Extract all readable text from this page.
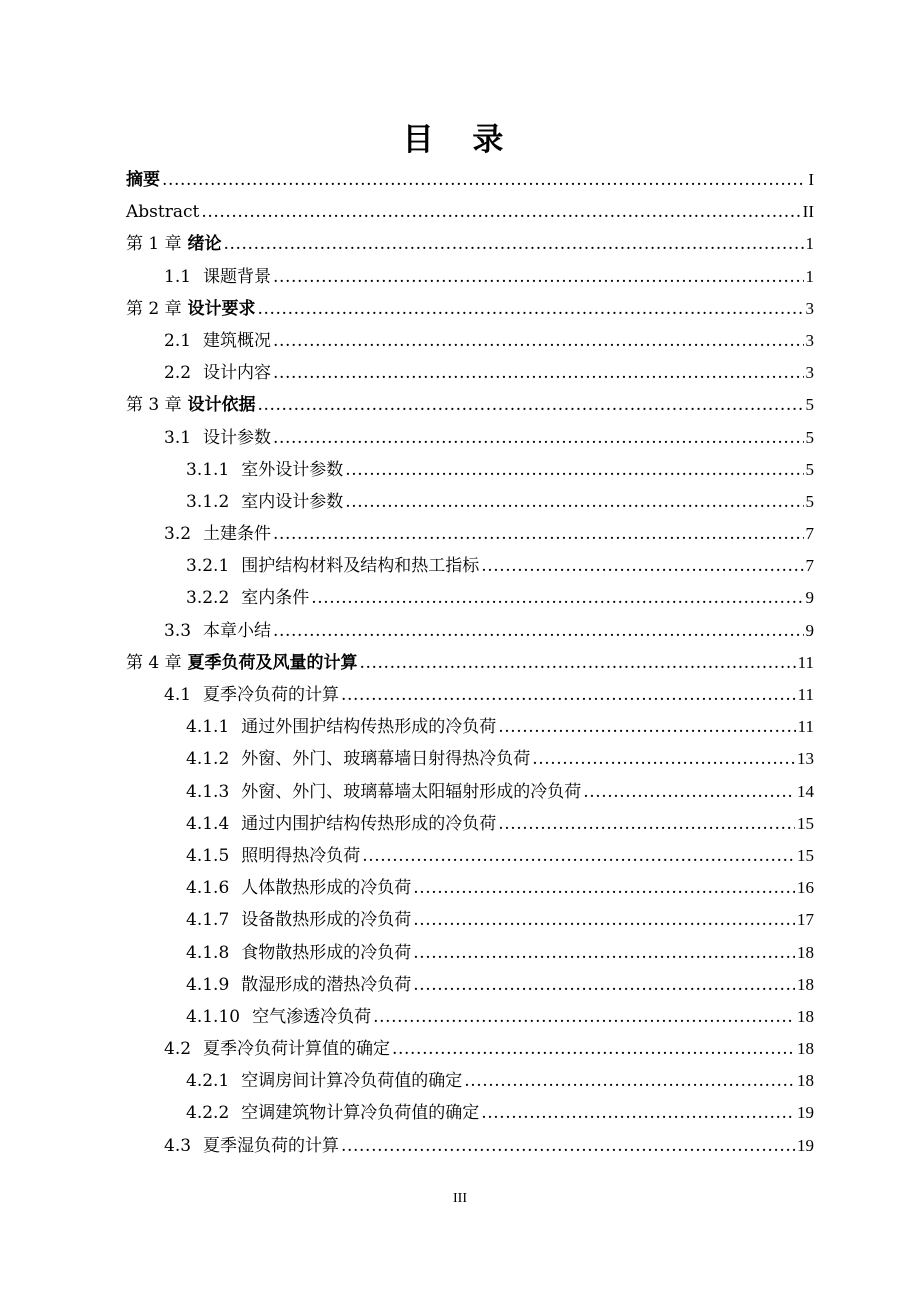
目 录
摘要 .....	I
Abstract .....	II
第 1 章 绪论 .....	1
1.1 课题背景 .....	1
第 2 章 设计要求 .....	3
2.1 建筑概况 .....	3
2.2 设计内容 .....	3
第 3 章 设计依据 .....	5
3.1 设计参数 .....	5
3.1.1 室外设计参数 .....	5
3.1.2 室内设计参数 .....	5
3.2 土建条件 .....	7
3.2.1 围护结构材料及结构和热工指标 .....	7
3.2.2 室内条件 .....	9
3.3 本章小结 .....	9
第 4 章 夏季负荷及风量的计算 .....	11
4.1 夏季冷负荷的计算 .....	11
4.1.1 通过外围护结构传热形成的冷负荷 .....	11
4.1.2 外窗、外门、玻璃幕墙日射得热冷负荷 .....	13
4.1.3 外窗、外门、玻璃幕墙太阳辐射形成的冷负荷 .....	14
4.1.4 通过内围护结构传热形成的冷负荷 .....	15
4.1.5 照明得热冷负荷 .....	15
4.1.6 人体散热形成的冷负荷 .....	16
4.1.7 设备散热形成的冷负荷 .....	17
4.1.8 食物散热形成的冷负荷 .....	18
4.1.9 散湿形成的潜热冷负荷 .....	18
4.1.10 空气渗透冷负荷 .....	18
4.2 夏季冷负荷计算值的确定 .....	18
4.2.1 空调房间计算冷负荷值的确定 .....	18
4.2.2 空调建筑物计算冷负荷值的确定 .....	19
4.3 夏季湿负荷的计算 .....	19
III
